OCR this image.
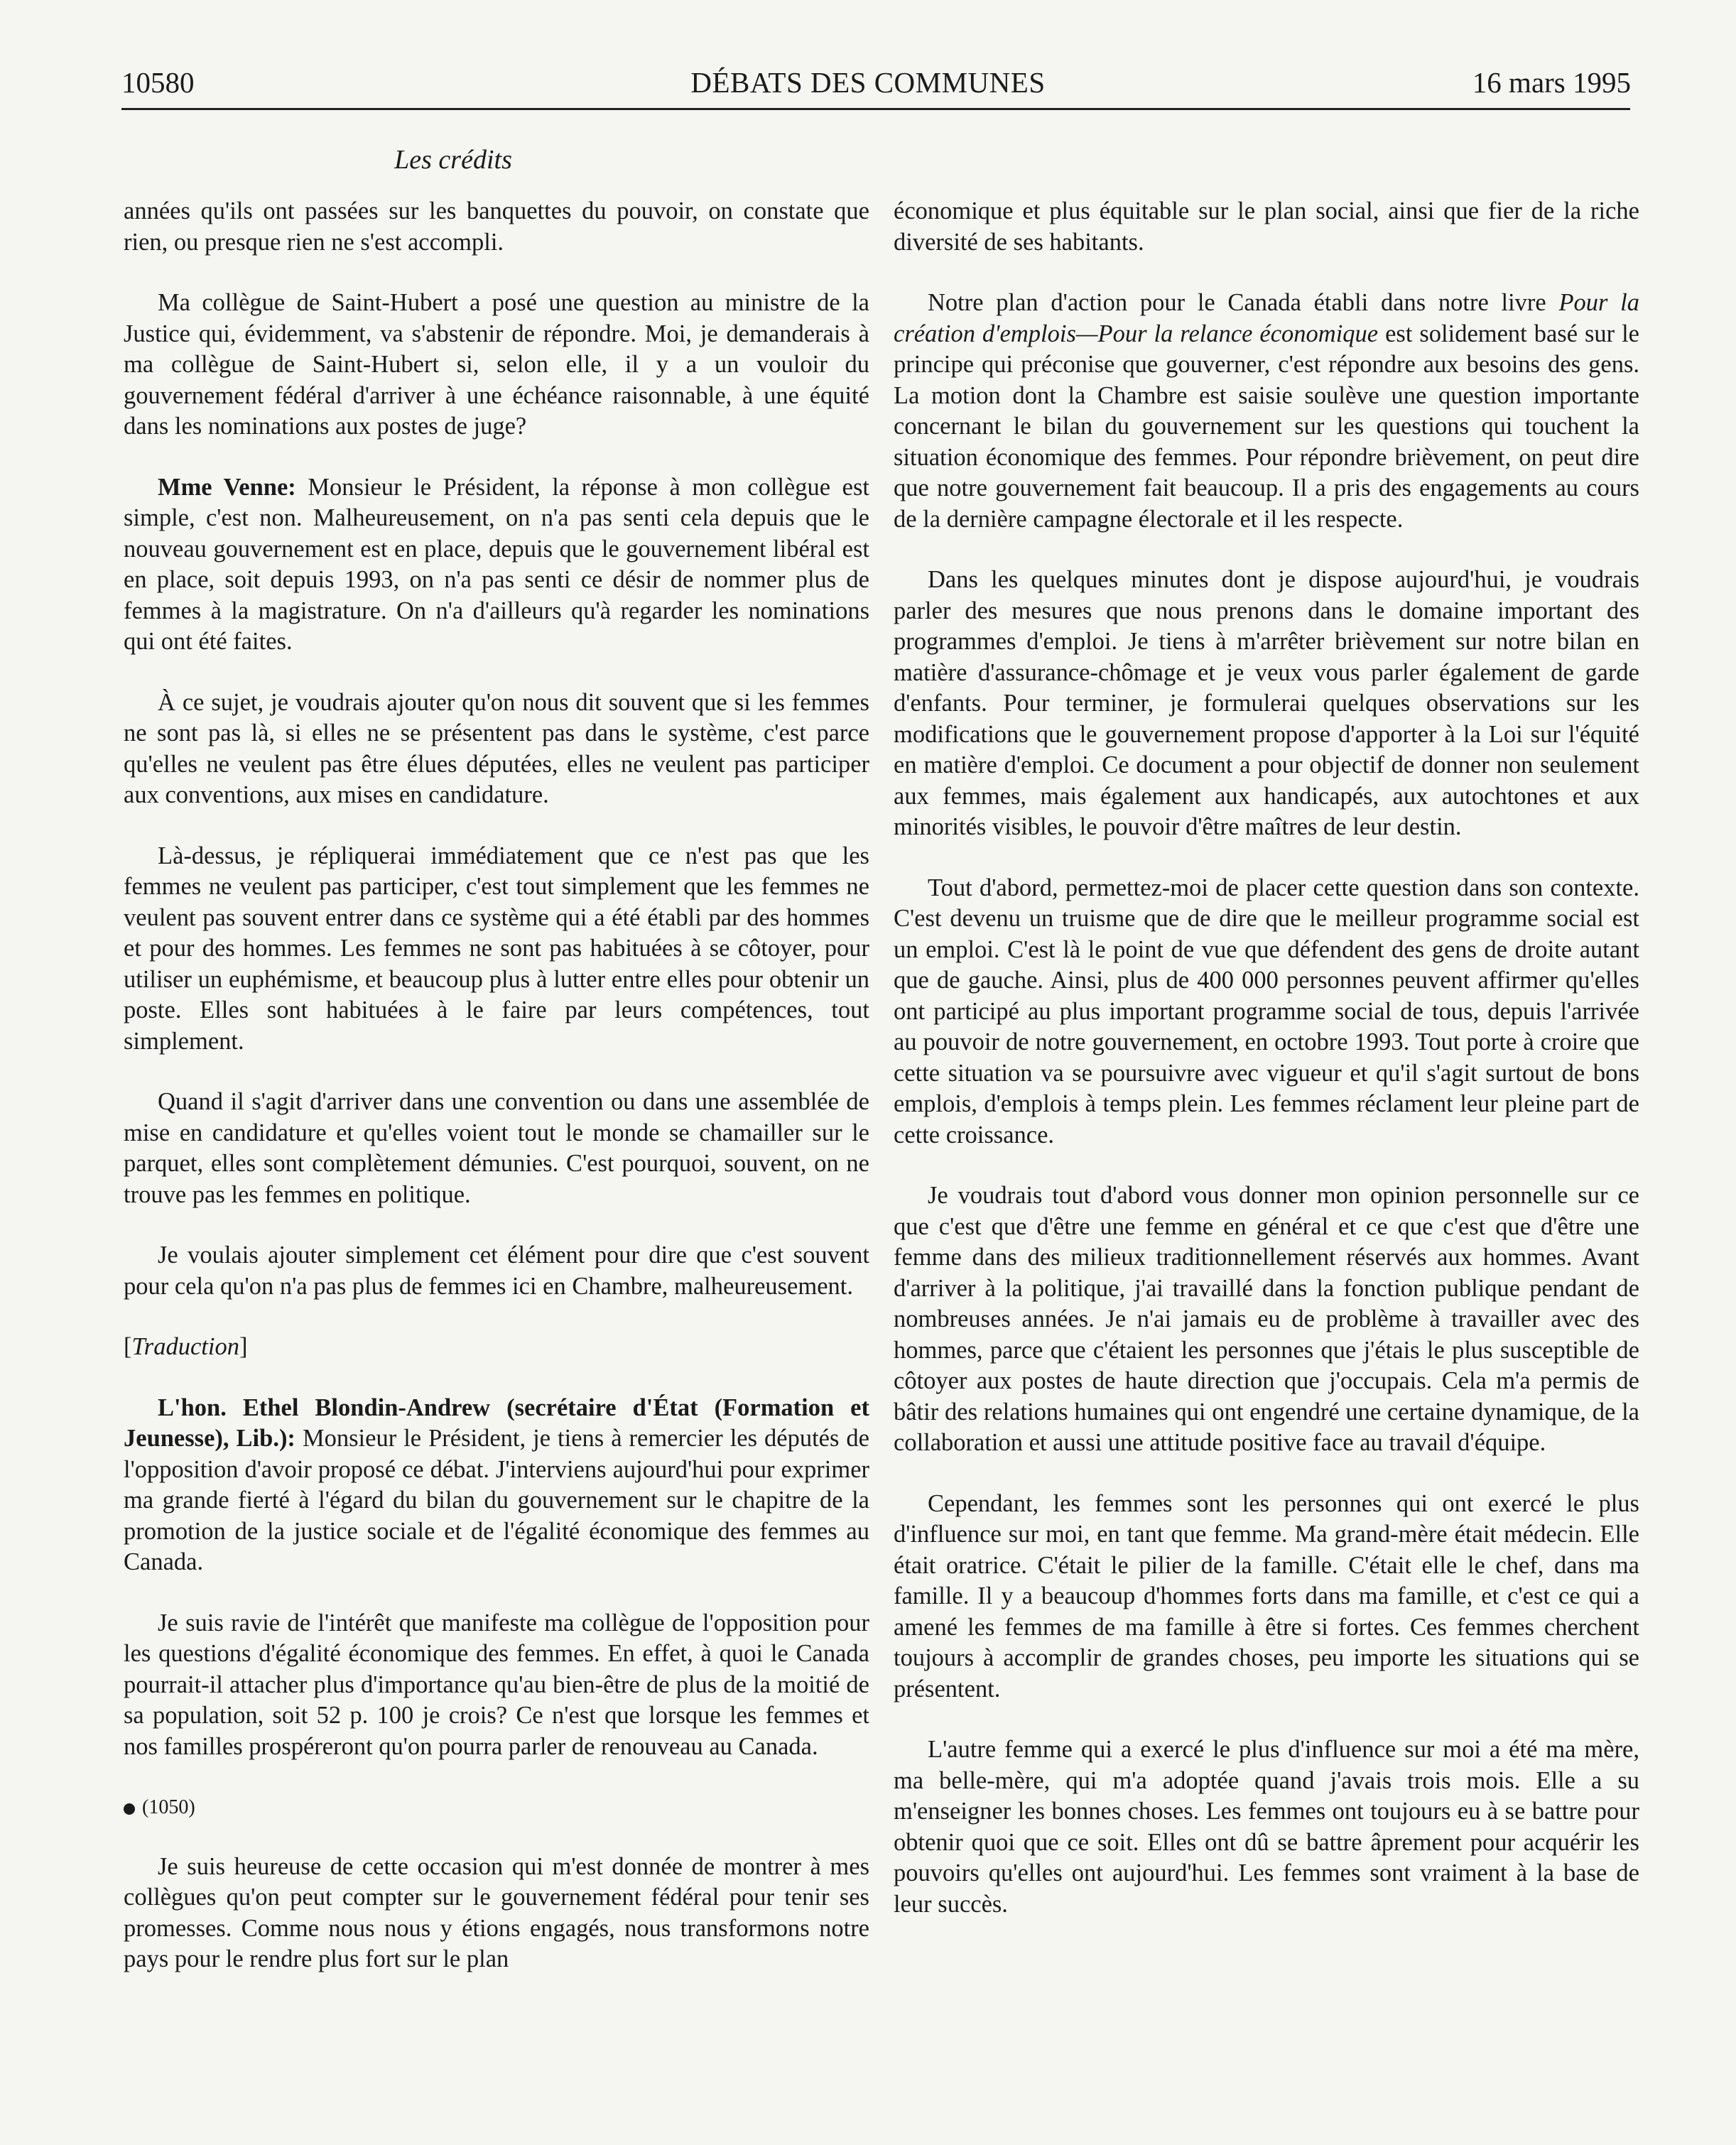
10580	DÉBATS DES COMMUNES	16 mars 1995
Les crédits

années qu'ils ont passées sur les banquettes du pouvoir, on constate que rien, ou presque rien ne s'est accompli.

Ma collègue de Saint-Hubert a posé une question au ministre de la Justice qui, évidemment, va s'abstenir de répondre. Moi, je demanderais à ma collègue de Saint-Hubert si, selon elle, il y a un vouloir du gouvernement fédéral d'arriver à une échéance raisonnable, à une équité dans les nominations aux postes de juge?

Mme Venne: Monsieur le Président, la réponse à mon collègue est simple, c'est non. Malheureusement, on n'a pas senti cela depuis que le nouveau gouvernement est en place, depuis que le gouvernement libéral est en place, soit depuis 1993, on n'a pas senti ce désir de nommer plus de femmes à la magistrature. On n'a d'ailleurs qu'à regarder les nominations qui ont été faites.

À ce sujet, je voudrais ajouter qu'on nous dit souvent que si les femmes ne sont pas là, si elles ne se présentent pas dans le système, c'est parce qu'elles ne veulent pas être élues députées, elles ne veulent pas participer aux conventions, aux mises en candidature.

Là-dessus, je répliquerai immédiatement que ce n'est pas que les femmes ne veulent pas participer, c'est tout simplement que les femmes ne veulent pas souvent entrer dans ce système qui a été établi par des hommes et pour des hommes. Les femmes ne sont pas habituées à se côtoyer, pour utiliser un euphémisme, et beaucoup plus à lutter entre elles pour obtenir un poste. Elles sont habituées à le faire par leurs compétences, tout simplement.

Quand il s'agit d'arriver dans une convention ou dans une assemblée de mise en candidature et qu'elles voient tout le monde se chamailler sur le parquet, elles sont complètement démunies. C'est pourquoi, souvent, on ne trouve pas les femmes en politique.

Je voulais ajouter simplement cet élément pour dire que c'est souvent pour cela qu'on n'a pas plus de femmes ici en Chambre, malheureusement.

[Traduction]

L'hon. Ethel Blondin-Andrew (secrétaire d'État (Formation et Jeunesse), Lib.): Monsieur le Président, je tiens à remercier les députés de l'opposition d'avoir proposé ce débat. J'interviens aujourd'hui pour exprimer ma grande fierté à l'égard du bilan du gouvernement sur le chapitre de la promotion de la justice sociale et de l'égalité économique des femmes au Canada.

Je suis ravie de l'intérêt que manifeste ma collègue de l'opposition pour les questions d'égalité économique des femmes. En effet, à quoi le Canada pourrait-il attacher plus d'importance qu'au bien-être de plus de la moitié de sa population, soit 52 p. 100 je crois? Ce n'est que lorsque les femmes et nos familles prospéreront qu'on pourra parler de renouveau au Canada.

(1050)

Je suis heureuse de cette occasion qui m'est donnée de montrer à mes collègues qu'on peut compter sur le gouvernement fédéral pour tenir ses promesses. Comme nous nous y étions engagés, nous transformons notre pays pour le rendre plus fort sur le plan

économique et plus équitable sur le plan social, ainsi que fier de la riche diversité de ses habitants.

Notre plan d'action pour le Canada établi dans notre livre Pour la création d'emplois—Pour la relance économique est solidement basé sur le principe qui préconise que gouverner, c'est répondre aux besoins des gens. La motion dont la Chambre est saisie soulève une question importante concernant le bilan du gouvernement sur les questions qui touchent la situation économique des femmes. Pour répondre brièvement, on peut dire que notre gouvernement fait beaucoup. Il a pris des engagements au cours de la dernière campagne électorale et il les respecte.

Dans les quelques minutes dont je dispose aujourd'hui, je voudrais parler des mesures que nous prenons dans le domaine important des programmes d'emploi. Je tiens à m'arrêter brièvement sur notre bilan en matière d'assurance-chômage et je veux vous parler également de garde d'enfants. Pour terminer, je formulerai quelques observations sur les modifications que le gouvernement propose d'apporter à la Loi sur l'équité en matière d'emploi. Ce document a pour objectif de donner non seulement aux femmes, mais également aux handicapés, aux autochtones et aux minorités visibles, le pouvoir d'être maîtres de leur destin.

Tout d'abord, permettez-moi de placer cette question dans son contexte. C'est devenu un truisme que de dire que le meilleur programme social est un emploi. C'est là le point de vue que défendent des gens de droite autant que de gauche. Ainsi, plus de 400 000 personnes peuvent affirmer qu'elles ont participé au plus important programme social de tous, depuis l'arrivée au pouvoir de notre gouvernement, en octobre 1993. Tout porte à croire que cette situation va se poursuivre avec vigueur et qu'il s'agit surtout de bons emplois, d'emplois à temps plein. Les femmes réclament leur pleine part de cette croissance.

Je voudrais tout d'abord vous donner mon opinion personnelle sur ce que c'est que d'être une femme en général et ce que c'est que d'être une femme dans des milieux traditionnellement réservés aux hommes. Avant d'arriver à la politique, j'ai travaillé dans la fonction publique pendant de nombreuses années. Je n'ai jamais eu de problème à travailler avec des hommes, parce que c'étaient les personnes que j'étais le plus susceptible de côtoyer aux postes de haute direction que j'occupais. Cela m'a permis de bâtir des relations humaines qui ont engendré une certaine dynamique, de la collaboration et aussi une attitude positive face au travail d'équipe.

Cependant, les femmes sont les personnes qui ont exercé le plus d'influence sur moi, en tant que femme. Ma grand-mère était médecin. Elle était oratrice. C'était le pilier de la famille. C'était elle le chef, dans ma famille. Il y a beaucoup d'hommes forts dans ma famille, et c'est ce qui a amené les femmes de ma famille à être si fortes. Ces femmes cherchent toujours à accomplir de grandes choses, peu importe les situations qui se présentent.

L'autre femme qui a exercé le plus d'influence sur moi a été ma mère, ma belle-mère, qui m'a adoptée quand j'avais trois mois. Elle a su m'enseigner les bonnes choses. Les femmes ont toujours eu à se battre pour obtenir quoi que ce soit. Elles ont dû se battre âprement pour acquérir les pouvoirs qu'elles ont aujourd'hui. Les femmes sont vraiment à la base de leur succès.
